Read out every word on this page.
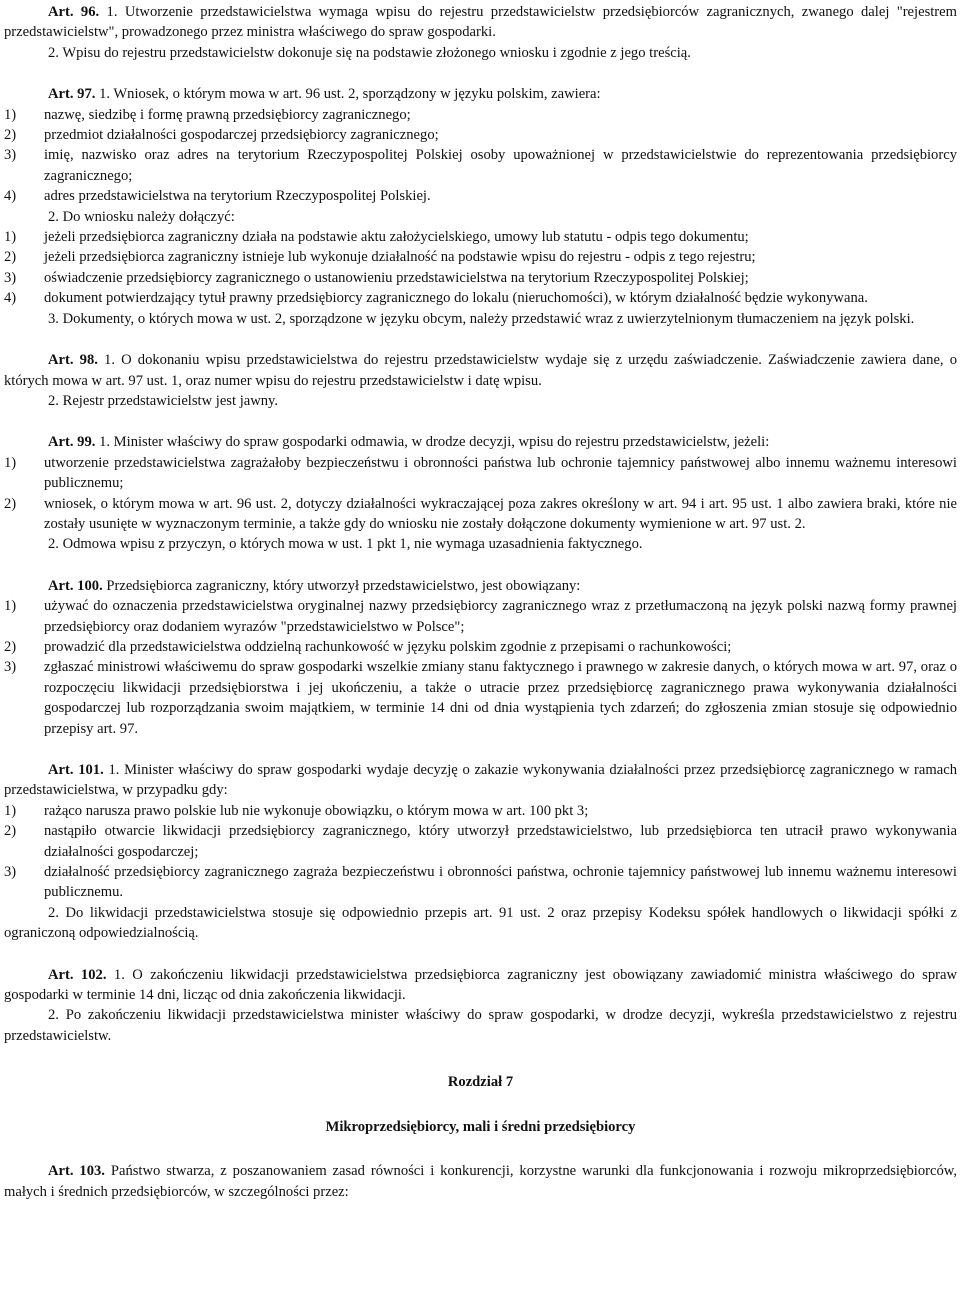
Art. 96. 1. Utworzenie przedstawicielstwa wymaga wpisu do rejestru przedstawicielstw przedsiębiorców zagranicznych, zwanego dalej "rejestrem przedstawicielstw", prowadzonego przez ministra właściwego do spraw gospodarki.

2. Wpisu do rejestru przedstawicielstw dokonuje się na podstawie złożonego wniosku i zgodnie z jego treścią.

Art. 97. 1. Wniosek, o którym mowa w art. 96 ust. 2, sporządzony w języku polskim, zawiera:

1)	nazwę, siedzibę i formę prawną przedsiębiorcy zagranicznego;
2)	przedmiot działalności gospodarczej przedsiębiorcy zagranicznego;
3)	imię, nazwisko oraz adres na terytorium Rzeczypospolitej Polskiej osoby upoważnionej w przedstawicielstwie do reprezentowania przedsiębiorcy zagranicznego;
4)	adres przedstawicielstwa na terytorium Rzeczypospolitej Polskiej.

2. Do wniosku należy dołączyć:

1)	jeżeli przedsiębiorca zagraniczny działa na podstawie aktu założycielskiego, umowy lub statutu - odpis tego dokumentu;
2)	jeżeli przedsiębiorca zagraniczny istnieje lub wykonuje działalność na podstawie wpisu do rejestru - odpis z tego rejestru;
3)	oświadczenie przedsiębiorcy zagranicznego o ustanowieniu przedstawicielstwa na terytorium Rzeczypospolitej Polskiej;
4)	dokument potwierdzający tytuł prawny przedsiębiorcy zagranicznego do lokalu (nieruchomości), w którym działalność będzie wykonywana.

3. Dokumenty, o których mowa w ust. 2, sporządzone w języku obcym, należy przedstawić wraz z uwierzytelnionym tłumaczeniem na język polski.

Art. 98. 1. O dokonaniu wpisu przedstawicielstwa do rejestru przedstawicielstw wydaje się z urzędu zaświadczenie. Zaświadczenie zawiera dane, o których mowa w art. 97 ust. 1, oraz numer wpisu do rejestru przedstawicielstw i datę wpisu.

2. Rejestr przedstawicielstw jest jawny.

Art. 99. 1. Minister właściwy do spraw gospodarki odmawia, w drodze decyzji, wpisu do rejestru przedstawicielstw, jeżeli:

1)	utworzenie przedstawicielstwa zagrażałoby bezpieczeństwu i obronności państwa lub ochronie tajemnicy państwowej albo innemu ważnemu interesowi publicznemu;
2)	wniosek, o którym mowa w art. 96 ust. 2, dotyczy działalności wykraczającej poza zakres określony w art. 94 i art. 95 ust. 1 albo zawiera braki, które nie zostały usunięte w wyznaczonym terminie, a także gdy do wniosku nie zostały dołączone dokumenty wymienione w art. 97 ust. 2.

2. Odmowa wpisu z przyczyn, o których mowa w ust. 1 pkt 1, nie wymaga uzasadnienia faktycznego.

Art. 100. Przedsiębiorca zagraniczny, który utworzył przedstawicielstwo, jest obowiązany:

1)	używać do oznaczenia przedstawicielstwa oryginalnej nazwy przedsiębiorcy zagranicznego wraz z przetłumaczoną na język polski nazwą formy prawnej przedsiębiorcy oraz dodaniem wyrazów "przedstawicielstwo w Polsce";
2)	prowadzić dla przedstawicielstwa oddzielną rachunkowość w języku polskim zgodnie z przepisami o rachunkowości;
3)	zgłaszać ministrowi właściwemu do spraw gospodarki wszelkie zmiany stanu faktycznego i prawnego w zakresie danych, o których mowa w art. 97, oraz o rozpoczęciu likwidacji przedsiębiorstwa i jej ukończeniu, a także o utracie przez przedsiębiorcę zagranicznego prawa wykonywania działalności gospodarczej lub rozporządzania swoim majątkiem, w terminie 14 dni od dnia wystąpienia tych zdarzeń; do zgłoszenia zmian stosuje się odpowiednio przepisy art. 97.

Art. 101. 1. Minister właściwy do spraw gospodarki wydaje decyzję o zakazie wykonywania działalności przez przedsiębiorcę zagranicznego w ramach przedstawicielstwa, w przypadku gdy:

1)	rażąco narusza prawo polskie lub nie wykonuje obowiązku, o którym mowa w art. 100 pkt 3;
2)	nastąpiło otwarcie likwidacji przedsiębiorcy zagranicznego, który utworzył przedstawicielstwo, lub przedsiębiorca ten utracił prawo wykonywania działalności gospodarczej;
3)	działalność przedsiębiorcy zagranicznego zagraża bezpieczeństwu i obronności państwa, ochronie tajemnicy państwowej lub innemu ważnemu interesowi publicznemu.

2. Do likwidacji przedstawicielstwa stosuje się odpowiednio przepis art. 91 ust. 2 oraz przepisy Kodeksu spółek handlowych o likwidacji spółki z ograniczoną odpowiedzialnością.

Art. 102. 1. O zakończeniu likwidacji przedstawicielstwa przedsiębiorca zagraniczny jest obowiązany zawiadomić ministra właściwego do spraw gospodarki w terminie 14 dni, licząc od dnia zakończenia likwidacji.

2. Po zakończeniu likwidacji przedstawicielstwa minister właściwy do spraw gospodarki, w drodze decyzji, wykreśla przedstawicielstwo z rejestru przedstawicielstw.

Rozdział 7

Mikroprzedsiębiorcy, mali i średni przedsiębiorcy

Art. 103. Państwo stwarza, z poszanowaniem zasad równości i konkurencji, korzystne warunki dla funkcjonowania i rozwoju mikroprzedsiębiorców, małych i średnich przedsiębiorców, w szczególności przez:
